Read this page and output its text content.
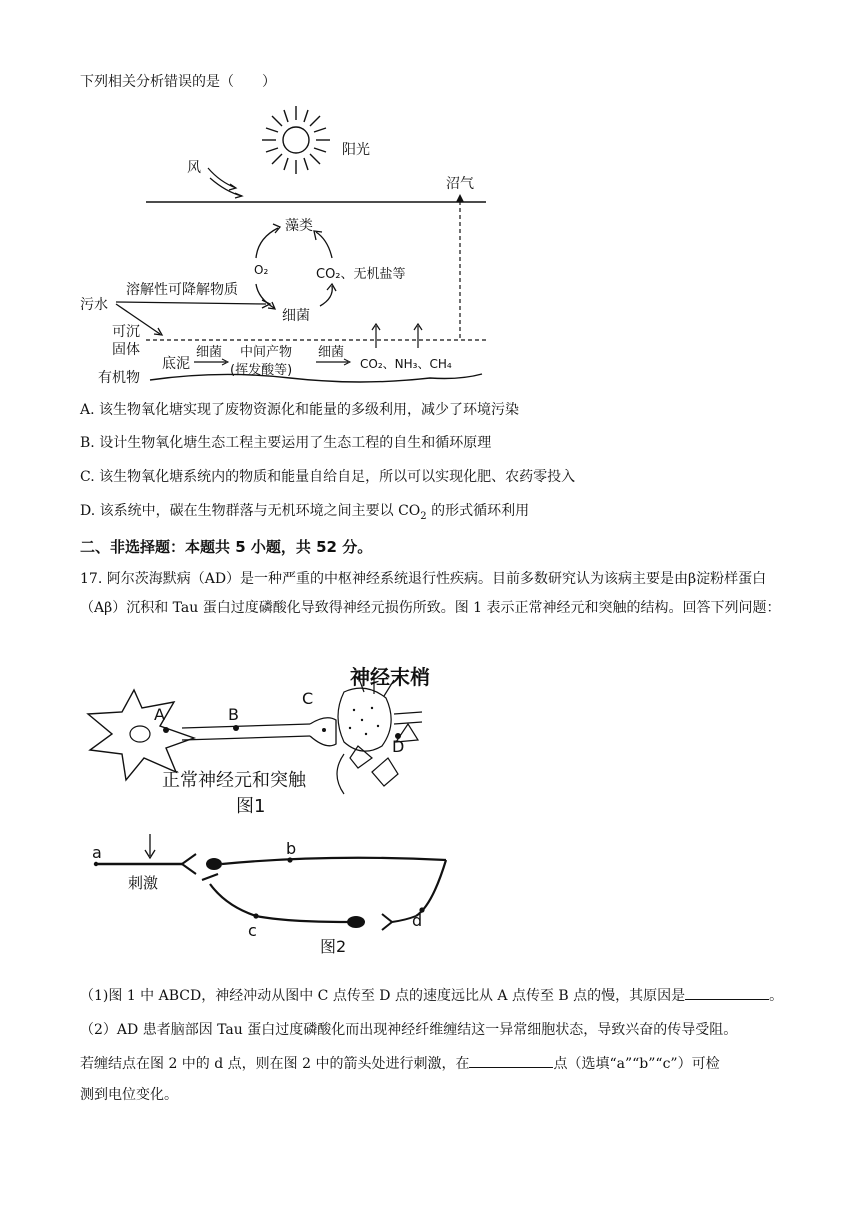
下列相关分析错误的是（　　）
阳光
风
沼气
藻类
O₂	CO₂、无机盐等
细菌
污水
溶解性可降解物质
可沉
固体
底泥
细菌 中间产物
(挥发酸等)
细菌
CO₂、NH₃、CH₄
有机物
A. 该生物氧化塘实现了废物资源化和能量的多级利用，减少了环境污染
B. 设计生物氧化塘生态工程主要运用了生态工程的自生和循环原理
C. 该生物氧化塘系统内的物质和能量自给自足，所以可以实现化肥、农药零投入
D. 该系统中，碳在生物群落与无机环境之间主要以 $CO_2$ 的形式循环利用
二、非选择题：本题共 5 小题，共 52 分。
17. 阿尔茨海默病（AD）是一种严重的中枢神经系统退行性疾病。目前多数研究认为该病主要是由β淀粉样蛋白（Aβ）沉积和 Tau 蛋白过度磷酸化导致得神经元损伤所致。图 1 表示正常神经元和突触的结构。回答下列问题：
A	B
C
D
神经末梢
正常神经元和突触
图1
a
刺激
b
d
c
图2
（1)图 1 中 ABCD，神经冲动从图中 C 点传至 D 点的速度远比从 A 点传至 B 点的慢，其原因是	。
（2）AD 患者脑部因 Tau 蛋白过度磷酸化而出现神经纤维缠结这一异常细胞状态，导致兴奋的传导受阻。
若缠结点在图 2 中的 d 点，则在图 2 中的箭头处进行刺激，在	点（选填“a”“b”“c”）可检
测到电位变化。
